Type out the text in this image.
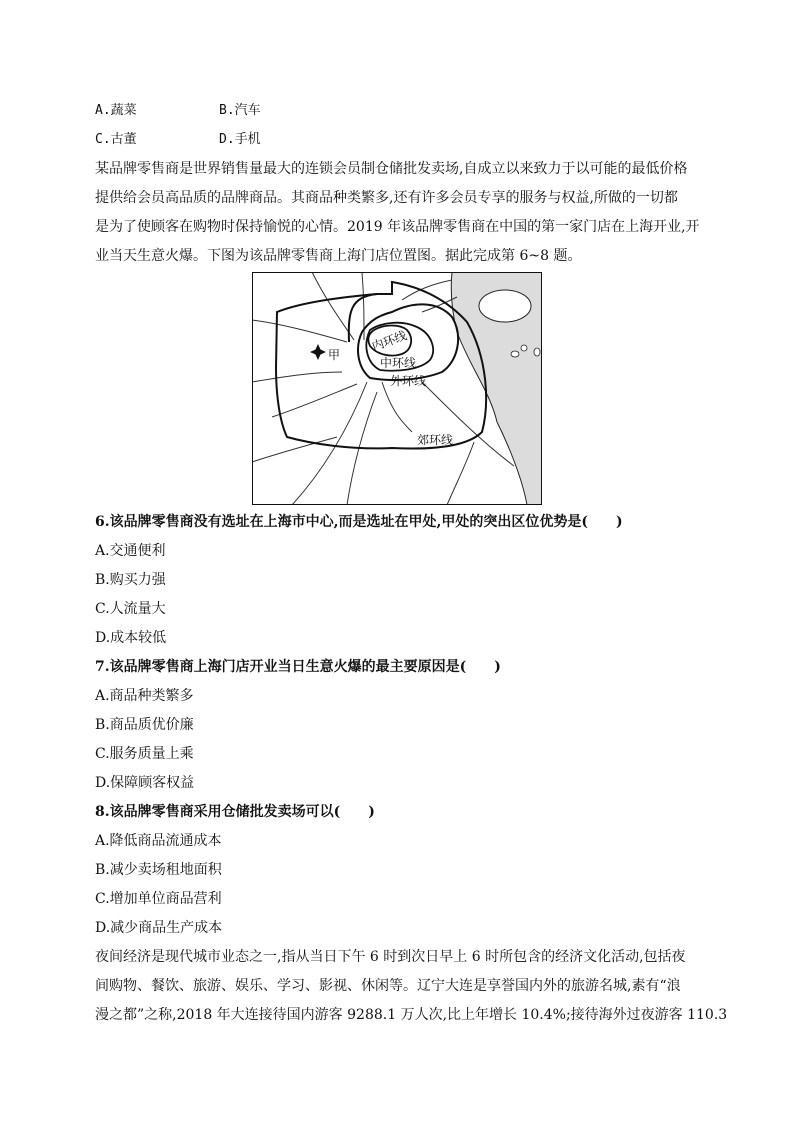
A.蔬菜	B.汽车
C.古董	D.手机
某品牌零售商是世界销售量最大的连锁会员制仓储批发卖场,自成立以来致力于以可能的最低价格
提供给会员高品质的品牌商品。其商品种类繁多,还有许多会员专享的服务与权益,所做的一切都
是为了使顾客在购物时保持愉悦的心情。2019 年该品牌零售商在中国的第一家门店在上海开业,开
业当天生意火爆。下图为该品牌零售商上海门店位置图。据此完成第 6~8 题。
内环线
中环线
外环线
郊环线
甲
6.该品牌零售商没有选址在上海市中心,而是选址在甲处,甲处的突出区位优势是(　　)
A.交通便利
B.购买力强
C.人流量大
D.成本较低
7.该品牌零售商上海门店开业当日生意火爆的最主要原因是(　　)
A.商品种类繁多
B.商品质优价廉
C.服务质量上乘
D.保障顾客权益
8.该品牌零售商采用仓储批发卖场可以(　　)
A.降低商品流通成本
B.减少卖场租地面积
C.增加单位商品营利
D.减少商品生产成本
夜间经济是现代城市业态之一,指从当日下午 6 时到次日早上 6 时所包含的经济文化活动,包括夜
间购物、餐饮、旅游、娱乐、学习、影视、休闲等。辽宁大连是享誉国内外的旅游名城,素有“浪
漫之都”之称,2018 年大连接待国内游客 9288.1 万人次,比上年增长 10.4%;接待海外过夜游客 110.3
